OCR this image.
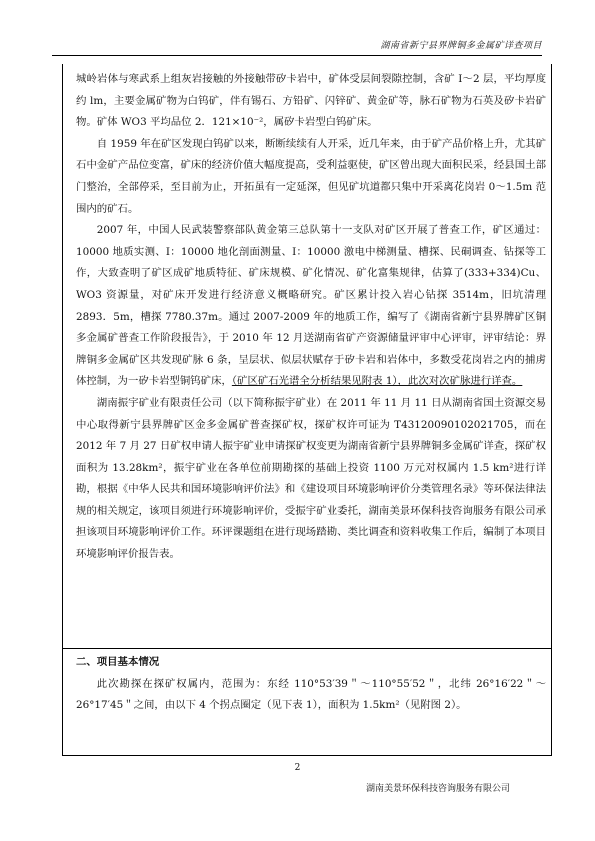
湖南省新宁县界牌铜多金属矿详查项目

城岭岩体与寒武系上组灰岩接触的外接触带矽卡岩中，矿体受层间裂隙控制，含矿 Ⅰ～2 层，平均厚度约 lm，主要金属矿物为白钨矿，伴有锡石、方铅矿、闪锌矿、黄金矿等，脉石矿物为石英及矽卡岩矿物。矿体 WO3 平均品位 2．121×10⁻²，属矽卡岩型白钨矿床。

自 1959 年在矿区发现白钨矿以来，断断续续有人开采，近几年来，由于矿产品价格上升，尤其矿石中金矿产品位变富，矿床的经济价值大幅度提高，受利益驱使，矿区曾出现大面积民采，经县国土部门整治，全部停采，至目前为止，开拓虽有一定延深，但见矿坑道都只集中开采离花岗岩 0～1.5m 范围内的矿石。

2007 年，中国人民武装警察部队黄金第三总队第十一支队对矿区开展了普查工作，矿区通过：10000 地质实测、Ⅰ：10000 地化剖面测量、Ⅰ：10000 激电中梯测量、槽探、民硐调查、钻探等工作，大致查明了矿区成矿地质特征、矿床规模、矿化情况、矿化富集规律，估算了(333+334)Cu、WO3 资源量，对矿床开发进行经济意义概略研究。矿区累计投入岩心钻探 3514m，旧坑清理 2893．5m，槽探 7780.37m。通过 2007-2009 年的地质工作，编写了《湖南省新宁县界牌矿区铜多金属矿普查工作阶段报告》，于 2010 年 12 月送湖南省矿产资源储量评审中心评审，评审结论：界牌铜多金属矿区共发现矿脉 6 条，呈层状、似层状赋存于矽卡岩和岩体中，多数受花岗岩之内的捕虏体控制，为一矽卡岩型铜钨矿床，（矿区矿石光谱全分析结果见附表 1），此次对次矿脉进行详查。

湖南振宇矿业有限责任公司（以下简称振宇矿业）在 2011 年 11 月 11 日从湖南省国土资源交易中心取得新宁县界牌矿区金多金属矿普查探矿权，探矿权许可证为 T43120090102021705，而在 2012 年 7 月 27 日矿权申请人振宇矿业申请探矿权变更为湖南省新宁县界牌铜多金属矿详查，探矿权面积为 13.28km²，振宇矿业在各单位前期勘探的基础上投资 1100 万元对权属内 1.5 km²进行详勘，根据《中华人民共和国环境影响评价法》和《建设项目环境影响评价分类管理名录》等环保法律法规的相关规定，该项目须进行环境影响评价，受振宇矿业委托，湖南美景环保科技咨询服务有限公司承担该项目环境影响评价工作。环评课题组在进行现场踏勘、类比调查和资料收集工作后，编制了本项目环境影响评价报告表。

二、项目基本情况

此次勘探在探矿权属内，范围为：东经 110°53′39＂～110°55′52＂，北纬 26°16′22＂～26°17′45＂之间，由以下 4 个拐点圈定（见下表 1），面积为 1.5km²（见附图 2）。

2
湖南美景环保科技咨询服务有限公司
